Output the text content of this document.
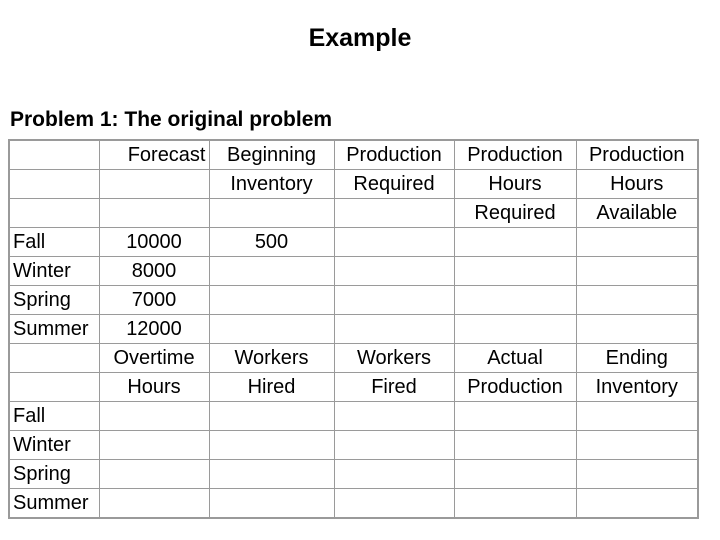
Example
Problem 1: The original problem
	Forecast	Beginning	Production	Production	Production
		Inventory	Required	Hours	Hours
				Required	Available
Fall	10000	500			
Winter	8000				
Spring	7000				
Summer	12000				
	Overtime	Workers	Workers	Actual	Ending
	Hours	Hired	Fired	Production	Inventory
Fall					
Winter					
Spring					
Summer					
